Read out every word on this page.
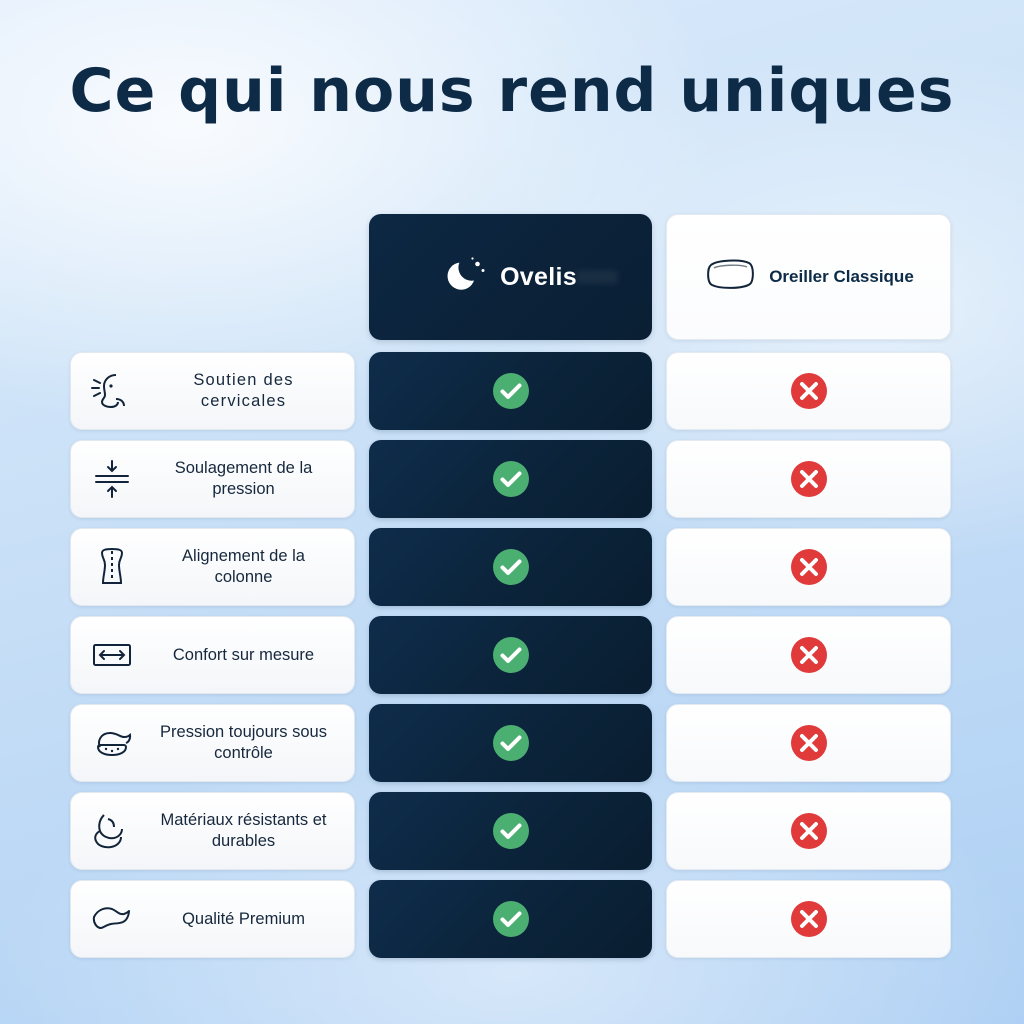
Ce qui nous rend uniques
Ovelis	Oreiller Classique
Soutien des cervicales
Soulagement de la pression
Alignement de la colonne
Confort sur mesure
Pression toujours sous contrôle
Matériaux résistants et durables
Qualité Premium
